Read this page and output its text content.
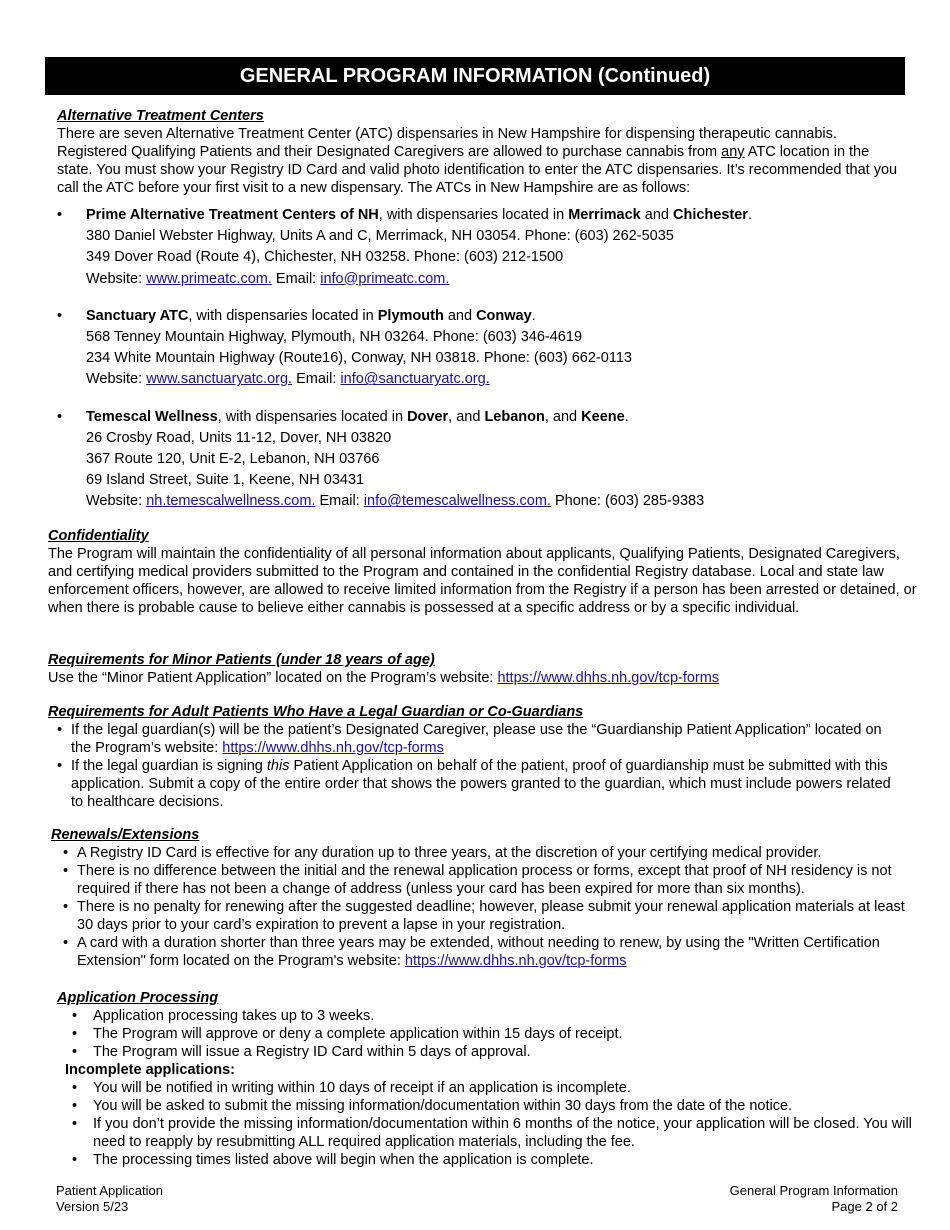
GENERAL PROGRAM INFORMATION (Continued)

Alternative Treatment Centers

There are seven Alternative Treatment Center (ATC) dispensaries in New Hampshire for dispensing therapeutic cannabis. Registered Qualifying Patients and their Designated Caregivers are allowed to purchase cannabis from any ATC location in the state. You must show your Registry ID Card and valid photo identification to enter the ATC dispensaries. It’s recommended that you call the ATC before your first visit to a new dispensary. The ATCs in New Hampshire are as follows:

• Prime Alternative Treatment Centers of NH, with dispensaries located in Merrimack and Chichester.
380 Daniel Webster Highway, Units A and C, Merrimack, NH 03054. Phone: (603) 262-5035
349 Dover Road (Route 4), Chichester, NH 03258. Phone: (603) 212-1500
Website: www.primeatc.com. Email: info@primeatc.com.
• Sanctuary ATC, with dispensaries located in Plymouth and Conway.
568 Tenney Mountain Highway, Plymouth, NH 03264. Phone: (603) 346-4619
234 White Mountain Highway (Route16), Conway, NH 03818. Phone: (603) 662-0113
Website: www.sanctuaryatc.org. Email: info@sanctuaryatc.org.
• Temescal Wellness, with dispensaries located in Dover, and Lebanon, and Keene.
26 Crosby Road, Units 11-12, Dover, NH 03820
367 Route 120, Unit E-2, Lebanon, NH 03766
69 Island Street, Suite 1, Keene, NH 03431
Website: nh.temescalwellness.com. Email: info@temescalwellness.com. Phone: (603) 285-9383

Confidentiality

The Program will maintain the confidentiality of all personal information about applicants, Qualifying Patients, Designated Caregivers, and certifying medical providers submitted to the Program and contained in the confidential Registry database. Local and state law enforcement officers, however, are allowed to receive limited information from the Registry if a person has been arrested or detained, or when there is probable cause to believe either cannabis is possessed at a specific address or by a specific individual.

Requirements for Minor Patients (under 18 years of age)

Use the “Minor Patient Application” located on the Program’s website: https://www.dhhs.nh.gov/tcp-forms

Requirements for Adult Patients Who Have a Legal Guardian or Co-Guardians

• If the legal guardian(s) will be the patient’s Designated Caregiver, please use the “Guardianship Patient Application” located on the Program’s website: https://www.dhhs.nh.gov/tcp-forms
• If the legal guardian is signing this Patient Application on behalf of the patient, proof of guardianship must be submitted with this application. Submit a copy of the entire order that shows the powers granted to the guardian, which must include powers related to healthcare decisions.

Renewals/Extensions

• A Registry ID Card is effective for any duration up to three years, at the discretion of your certifying medical provider.
• There is no difference between the initial and the renewal application process or forms, except that proof of NH residency is not required if there has not been a change of address (unless your card has been expired for more than six months).
• There is no penalty for renewing after the suggested deadline; however, please submit your renewal application materials at least 30 days prior to your card’s expiration to prevent a lapse in your registration.
• A card with a duration shorter than three years may be extended, without needing to renew, by using the "Written Certification Extension" form located on the Program's website: https://www.dhhs.nh.gov/tcp-forms

Application Processing

• Application processing takes up to 3 weeks.
• The Program will approve or deny a complete application within 15 days of receipt.
• The Program will issue a Registry ID Card within 5 days of approval.

Incomplete applications:

• You will be notified in writing within 10 days of receipt if an application is incomplete.
• You will be asked to submit the missing information/documentation within 30 days from the date of the notice.
• If you don’t provide the missing information/documentation within 6 months of the notice, your application will be closed. You will need to reapply by resubmitting ALL required application materials, including the fee.
• The processing times listed above will begin when the application is complete.
Patient Application
Version 5/23
General Program Information
Page 2 of 2
